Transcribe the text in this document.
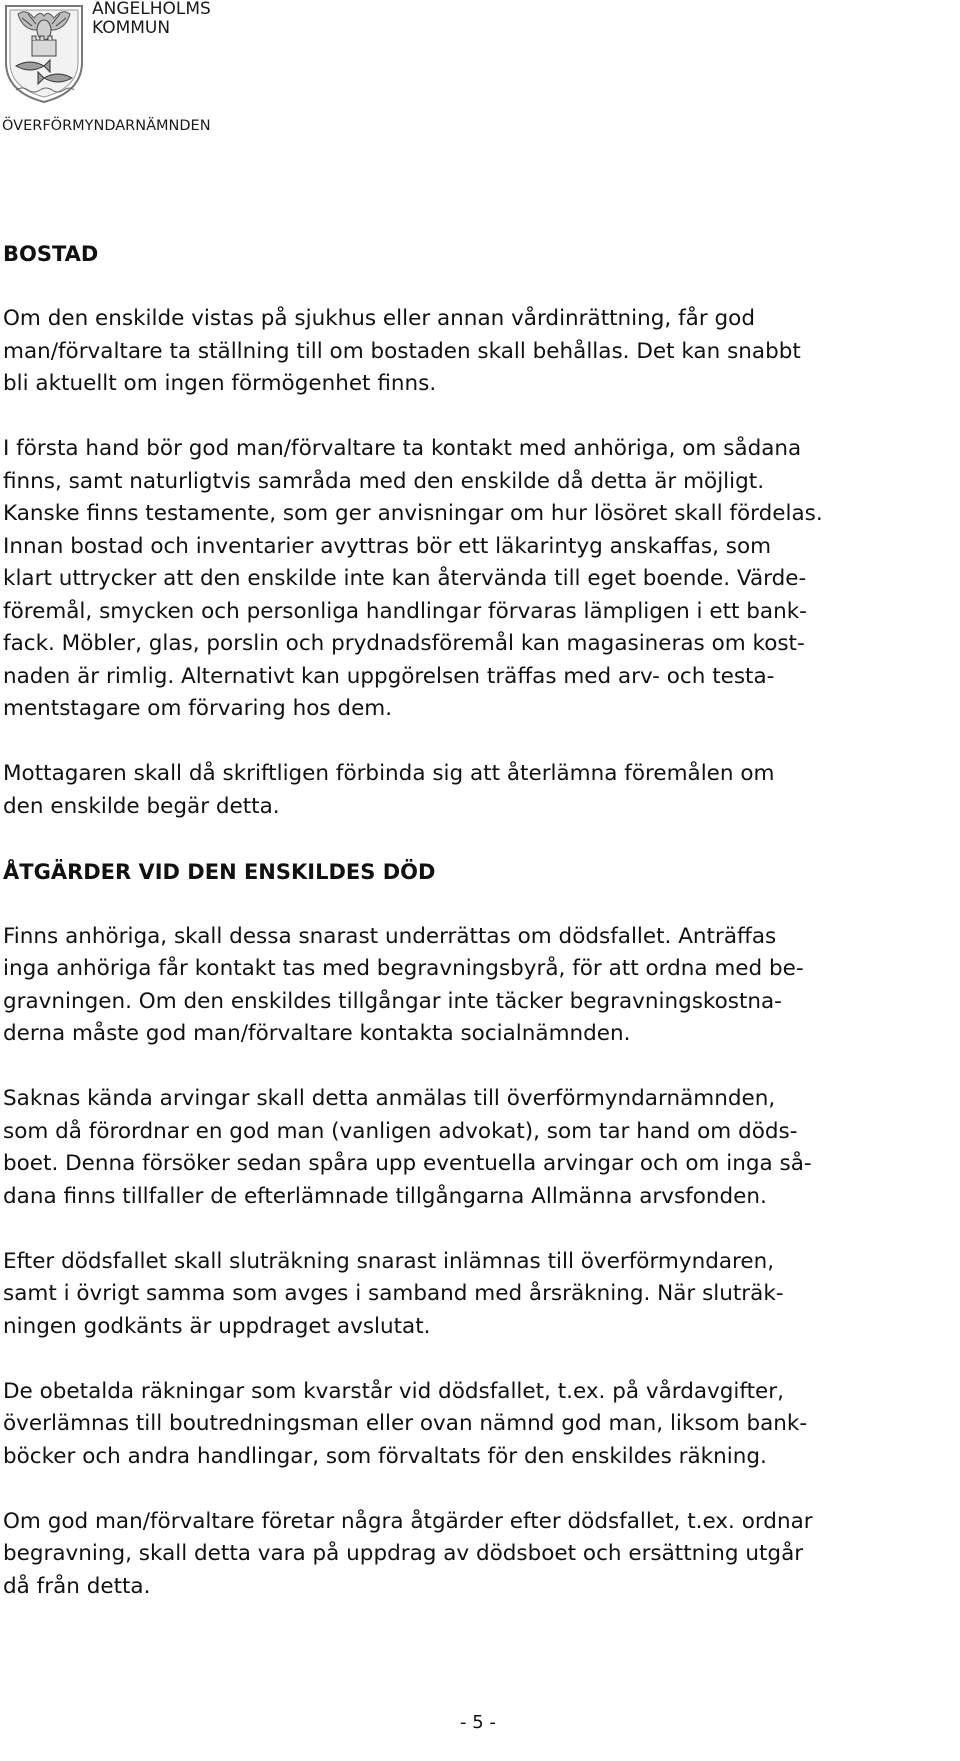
ÄNGELHOLMS
KOMMUN
ÖVERFÖRMYNDARNÄMNDEN
BOSTAD

Om den enskilde vistas på sjukhus eller annan vårdinrättning, får god
man/förvaltare ta ställning till om bostaden skall behållas. Det kan snabbt
bli aktuellt om ingen förmögenhet finns.

I första hand bör god man/förvaltare ta kontakt med anhöriga, om sådana
finns, samt naturligtvis samråda med den enskilde då detta är möjligt.
Kanske finns testamente, som ger anvisningar om hur lösöret skall fördelas.
Innan bostad och inventarier avyttras bör ett läkarintyg anskaffas, som
klart uttrycker att den enskilde inte kan återvända till eget boende. Värde-
föremål, smycken och personliga handlingar förvaras lämpligen i ett bank-
fack. Möbler, glas, porslin och prydnadsföremål kan magasineras om kost-
naden är rimlig. Alternativt kan uppgörelsen träffas med arv- och testa-
mentstagare om förvaring hos dem.

Mottagaren skall då skriftligen förbinda sig att återlämna föremålen om
den enskilde begär detta.

ÅTGÄRDER VID DEN ENSKILDES DÖD

Finns anhöriga, skall dessa snarast underrättas om dödsfallet. Anträffas
inga anhöriga får kontakt tas med begravningsbyrå, för att ordna med be-
gravningen. Om den enskildes tillgångar inte täcker begravningskostna-
derna måste god man/förvaltare kontakta socialnämnden.

Saknas kända arvingar skall detta anmälas till överförmyndarnämnden,
som då förordnar en god man (vanligen advokat), som tar hand om döds-
boet. Denna försöker sedan spåra upp eventuella arvingar och om inga så-
dana finns tillfaller de efterlämnade tillgångarna Allmänna arvsfonden.

Efter dödsfallet skall sluträkning snarast inlämnas till överförmyndaren,
samt i övrigt samma som avges i samband med årsräkning. När sluträk-
ningen godkänts är uppdraget avslutat.

De obetalda räkningar som kvarstår vid dödsfallet, t.ex. på vårdavgifter,
överlämnas till boutredningsman eller ovan nämnd god man, liksom bank-
böcker och andra handlingar, som förvaltats för den enskildes räkning.

Om god man/förvaltare företar några åtgärder efter dödsfallet, t.ex. ordnar
begravning, skall detta vara på uppdrag av dödsboet och ersättning utgår
då från detta.

- 5 -
